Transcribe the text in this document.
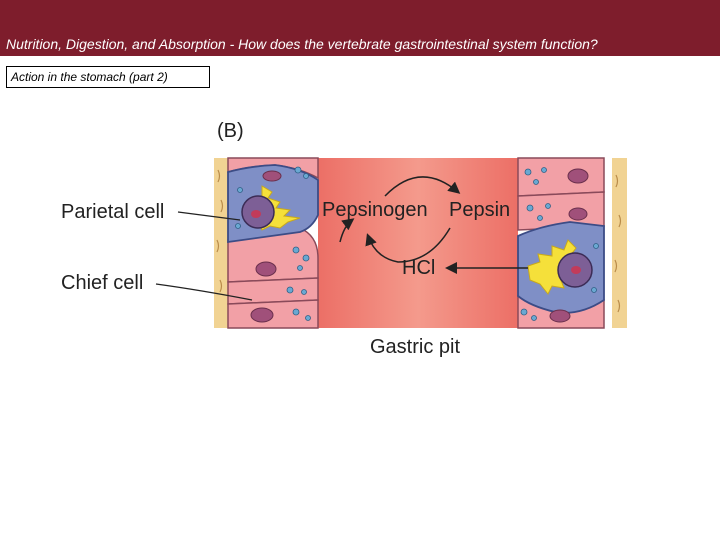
Nutrition, Digestion, and Absorption - How does the vertebrate gastrointestinal system function?
Action in the stomach (part 2)
(B)
Parietal cell
Chief cell
Pepsinogen Pepsin
HCl
Gastric pit
